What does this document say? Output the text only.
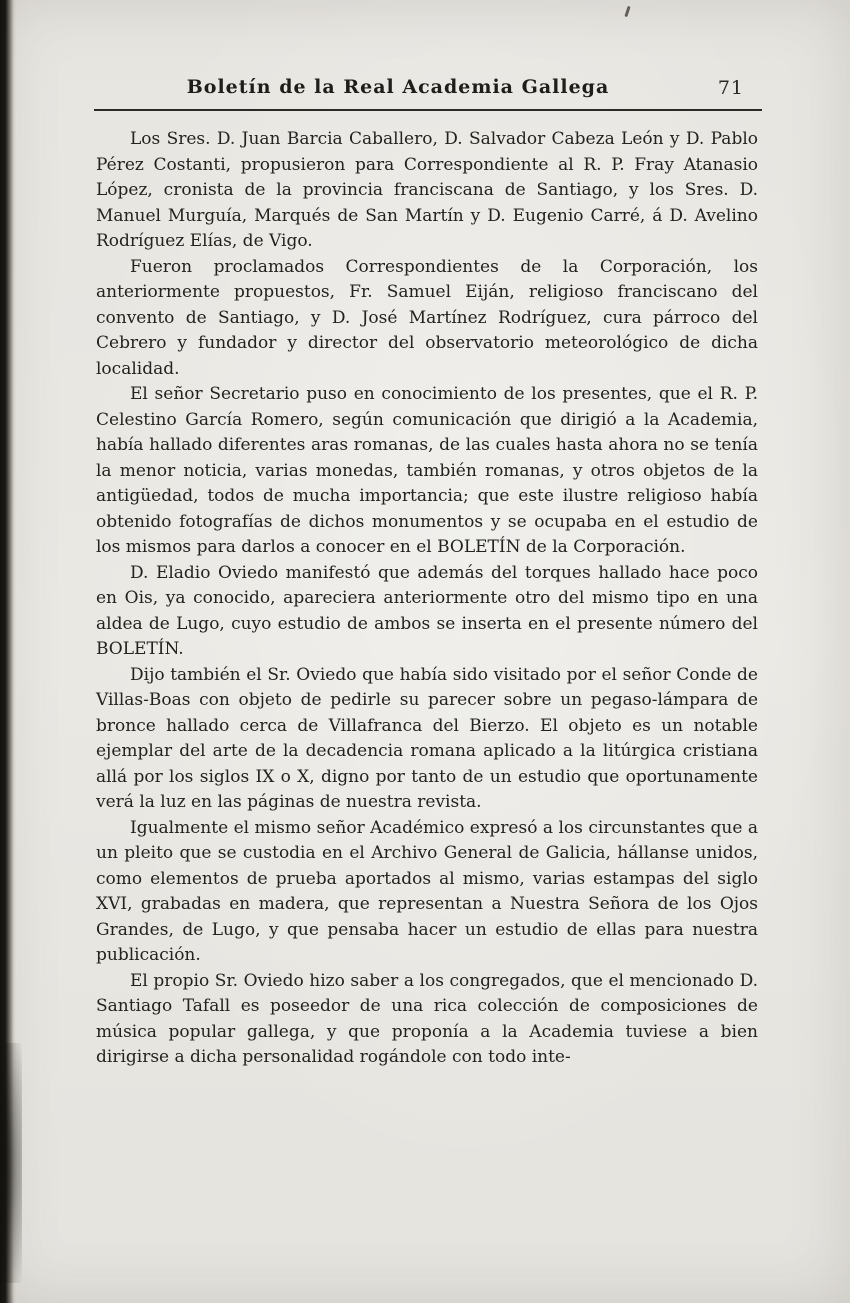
Boletín de la Real Academia Gallega	71

Los Sres. D. Juan Barcia Caballero, D. Salvador Cabeza León y D. Pablo Pérez Costanti, propusieron para Correspondiente al R. P. Fray Atanasio López, cronista de la provincia franciscana de Santiago, y los Sres. D. Manuel Murguía, Marqués de San Martín y D. Eugenio Carré, á D. Avelino Rodríguez Elías, de Vigo.

Fueron proclamados Correspondientes de la Corporación, los anteriormente propuestos, Fr. Samuel Eiján, religioso franciscano del convento de Santiago, y D. José Martínez Rodríguez, cura párroco del Cebrero y fundador y director del observatorio meteorológico de dicha localidad.

El señor Secretario puso en conocimiento de los presentes, que el R. P. Celestino García Romero, según comunicación que dirigió a la Academia, había hallado diferentes aras romanas, de las cuales hasta ahora no se tenía la menor noticia, varias monedas, también romanas, y otros objetos de la antigüedad, todos de mucha importancia; que este ilustre religioso había obtenido fotografías de dichos monumentos y se ocupaba en el estudio de los mismos para darlos a conocer en el BOLETÍN de la Corporación.

D. Eladio Oviedo manifestó que además del torques hallado hace poco en Ois, ya conocido, apareciera anteriormente otro del mismo tipo en una aldea de Lugo, cuyo estudio de ambos se inserta en el presente número del BOLETÍN.

Dijo también el Sr. Oviedo que había sido visitado por el señor Conde de Villas-Boas con objeto de pedirle su parecer sobre un pegaso-lámpara de bronce hallado cerca de Villafranca del Bierzo. El objeto es un notable ejemplar del arte de la decadencia romana aplicado a la litúrgica cristiana allá por los siglos IX o X, digno por tanto de un estudio que oportunamente verá la luz en las páginas de nuestra revista.

Igualmente el mismo señor Académico expresó a los circunstantes que a un pleito que se custodia en el Archivo General de Galicia, hállanse unidos, como elementos de prueba aportados al mismo, varias estampas del siglo XVI, grabadas en madera, que representan a Nuestra Señora de los Ojos Grandes, de Lugo, y que pensaba hacer un estudio de ellas para nuestra publicación.

El propio Sr. Oviedo hizo saber a los congregados, que el mencionado D. Santiago Tafall es poseedor de una rica colección de composiciones de música popular gallega, y que proponía a la Academia tuviese a bien dirigirse a dicha personalidad rogándole con todo inte-
